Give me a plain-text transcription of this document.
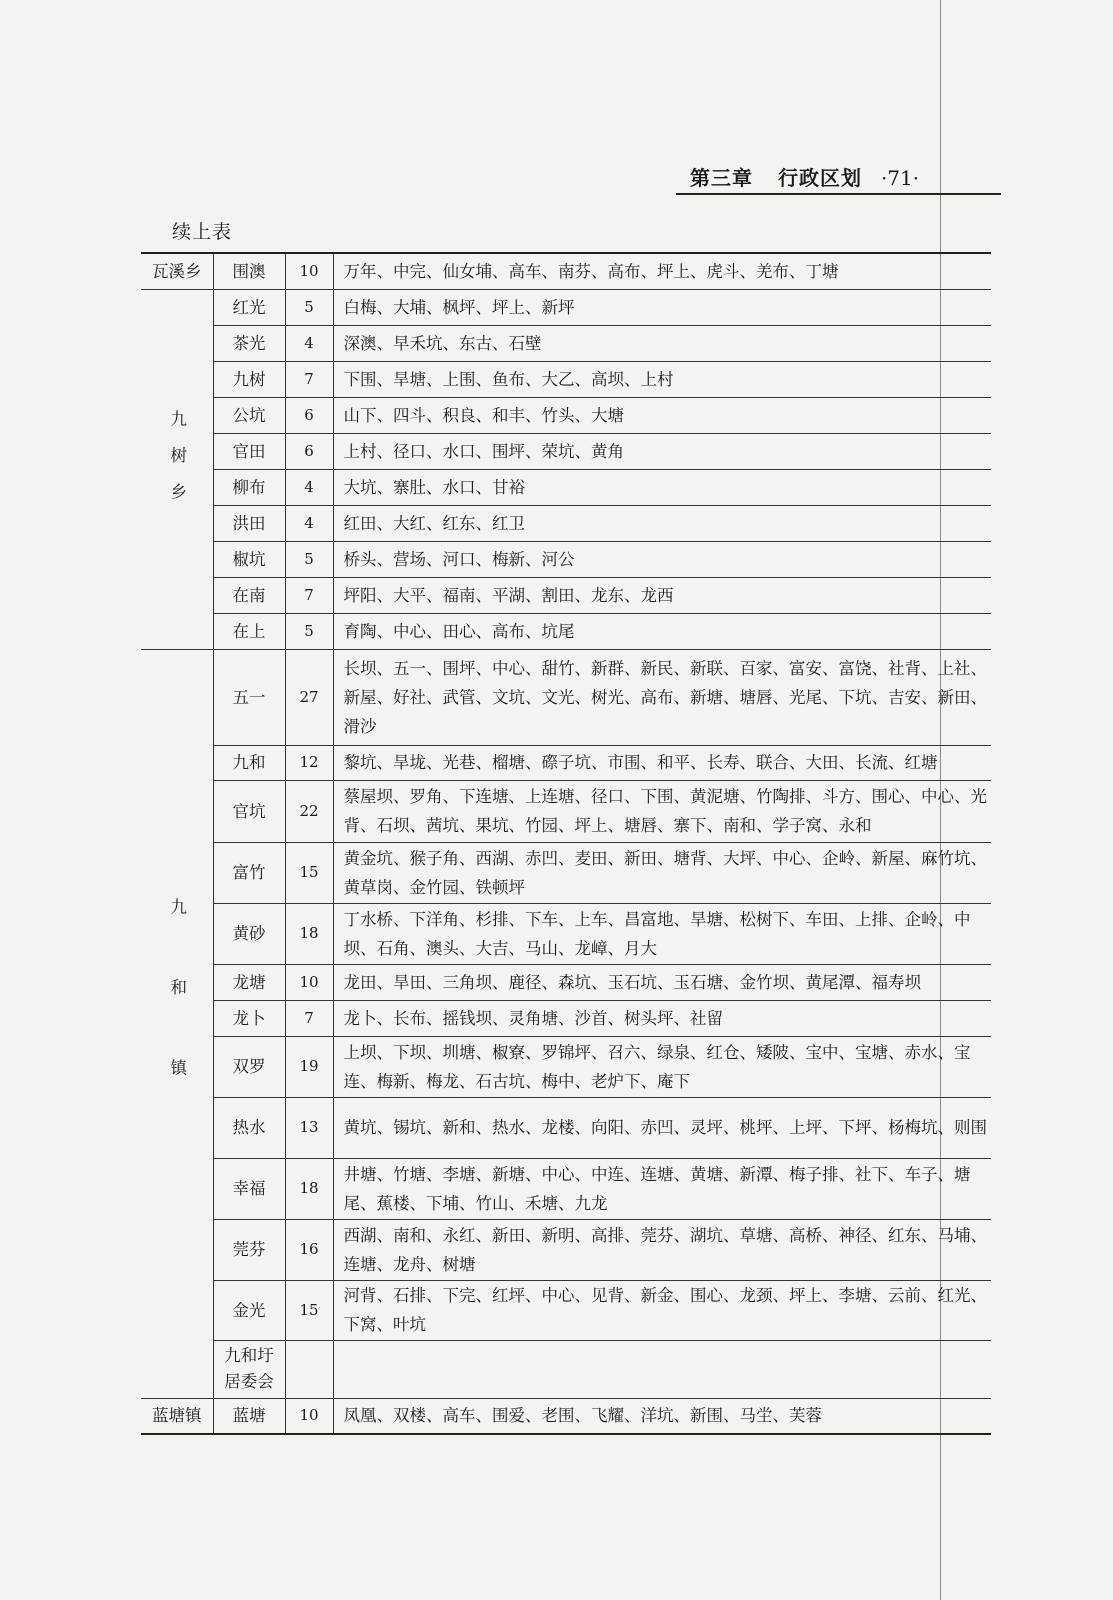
第三章 行政区划 ·71·
续上表
瓦溪乡	围澳	10	万年、中完、仙女埔、高车、南芬、高布、坪上、虎斗、羌布、丁塘
九树乡	红光	5	白梅、大埔、枫坪、坪上、新坪
	茶光	4	深澳、早禾坑、东古、石壁
	九树	7	下围、旱塘、上围、鱼布、大乙、高坝、上村
	公坑	6	山下、四斗、积良、和丰、竹头、大塘
	官田	6	上村、径口、水口、围坪、荣坑、黄角
	柳布	4	大坑、寨肚、水口、甘裕
	洪田	4	红田、大红、红东、红卫
	椒坑	5	桥头、营场、河口、梅新、河公
	在南	7	坪阳、大平、福南、平湖、割田、龙东、龙西
	在上	5	育陶、中心、田心、高布、坑尾
九和镇	五一	27	长坝、五一、围坪、中心、甜竹、新群、新民、新联、百家、富安、富饶、社背、上社、新屋、好社、武管、文坑、文光、树光、高布、新塘、塘唇、光尾、下坑、吉安、新田、滑沙
	九和	12	黎坑、旱垅、光巷、榴塘、磜子坑、市围、和平、长寿、联合、大田、长流、红塘
	官坑	22	蔡屋坝、罗角、下连塘、上连塘、径口、下围、黄泥塘、竹陶排、斗方、围心、中心、光背、石坝、茜坑、果坑、竹园、坪上、塘唇、寨下、南和、学子窝、永和
	富竹	15	黄金坑、猴子角、西湖、赤凹、麦田、新田、塘背、大坪、中心、企岭、新屋、麻竹坑、黄草岗、金竹园、铁顿坪
	黄砂	18	丁水桥、下洋角、杉排、下车、上车、昌富地、旱塘、松树下、车田、上排、企岭、中坝、石角、澳头、大吉、马山、龙嶂、月大
	龙塘	10	龙田、旱田、三角坝、鹿径、森坑、玉石坑、玉石塘、金竹坝、黄尾潭、福寿坝
	龙卜	7	龙卜、长布、摇钱坝、灵角塘、沙首、树头坪、社留
	双罗	19	上坝、下坝、圳塘、椒寮、罗锦坪、召六、绿泉、红仓、矮陂、宝中、宝塘、赤水、宝连、梅新、梅龙、石古坑、梅中、老炉下、庵下
	热水	13	黄坑、锡坑、新和、热水、龙楼、向阳、赤凹、灵坪、桃坪、上坪、下坪、杨梅坑、则围
	幸福	18	井塘、竹塘、李塘、新塘、中心、中连、连塘、黄塘、新潭、梅子排、社下、车子、塘尾、蕉楼、下埔、竹山、禾塘、九龙
	莞芬	16	西湖、南和、永红、新田、新明、高排、莞芬、湖坑、草塘、高桥、神径、红东、马埔、连塘、龙舟、树塘
	金光	15	河背、石排、下完、红坪、中心、见背、新金、围心、龙颈、坪上、李塘、云前、红光、下窝、叶坑
	九和圩居委会		
蓝塘镇	蓝塘	10	凤凰、双楼、高车、围爱、老围、飞耀、洋坑、新围、马坣、芙蓉
